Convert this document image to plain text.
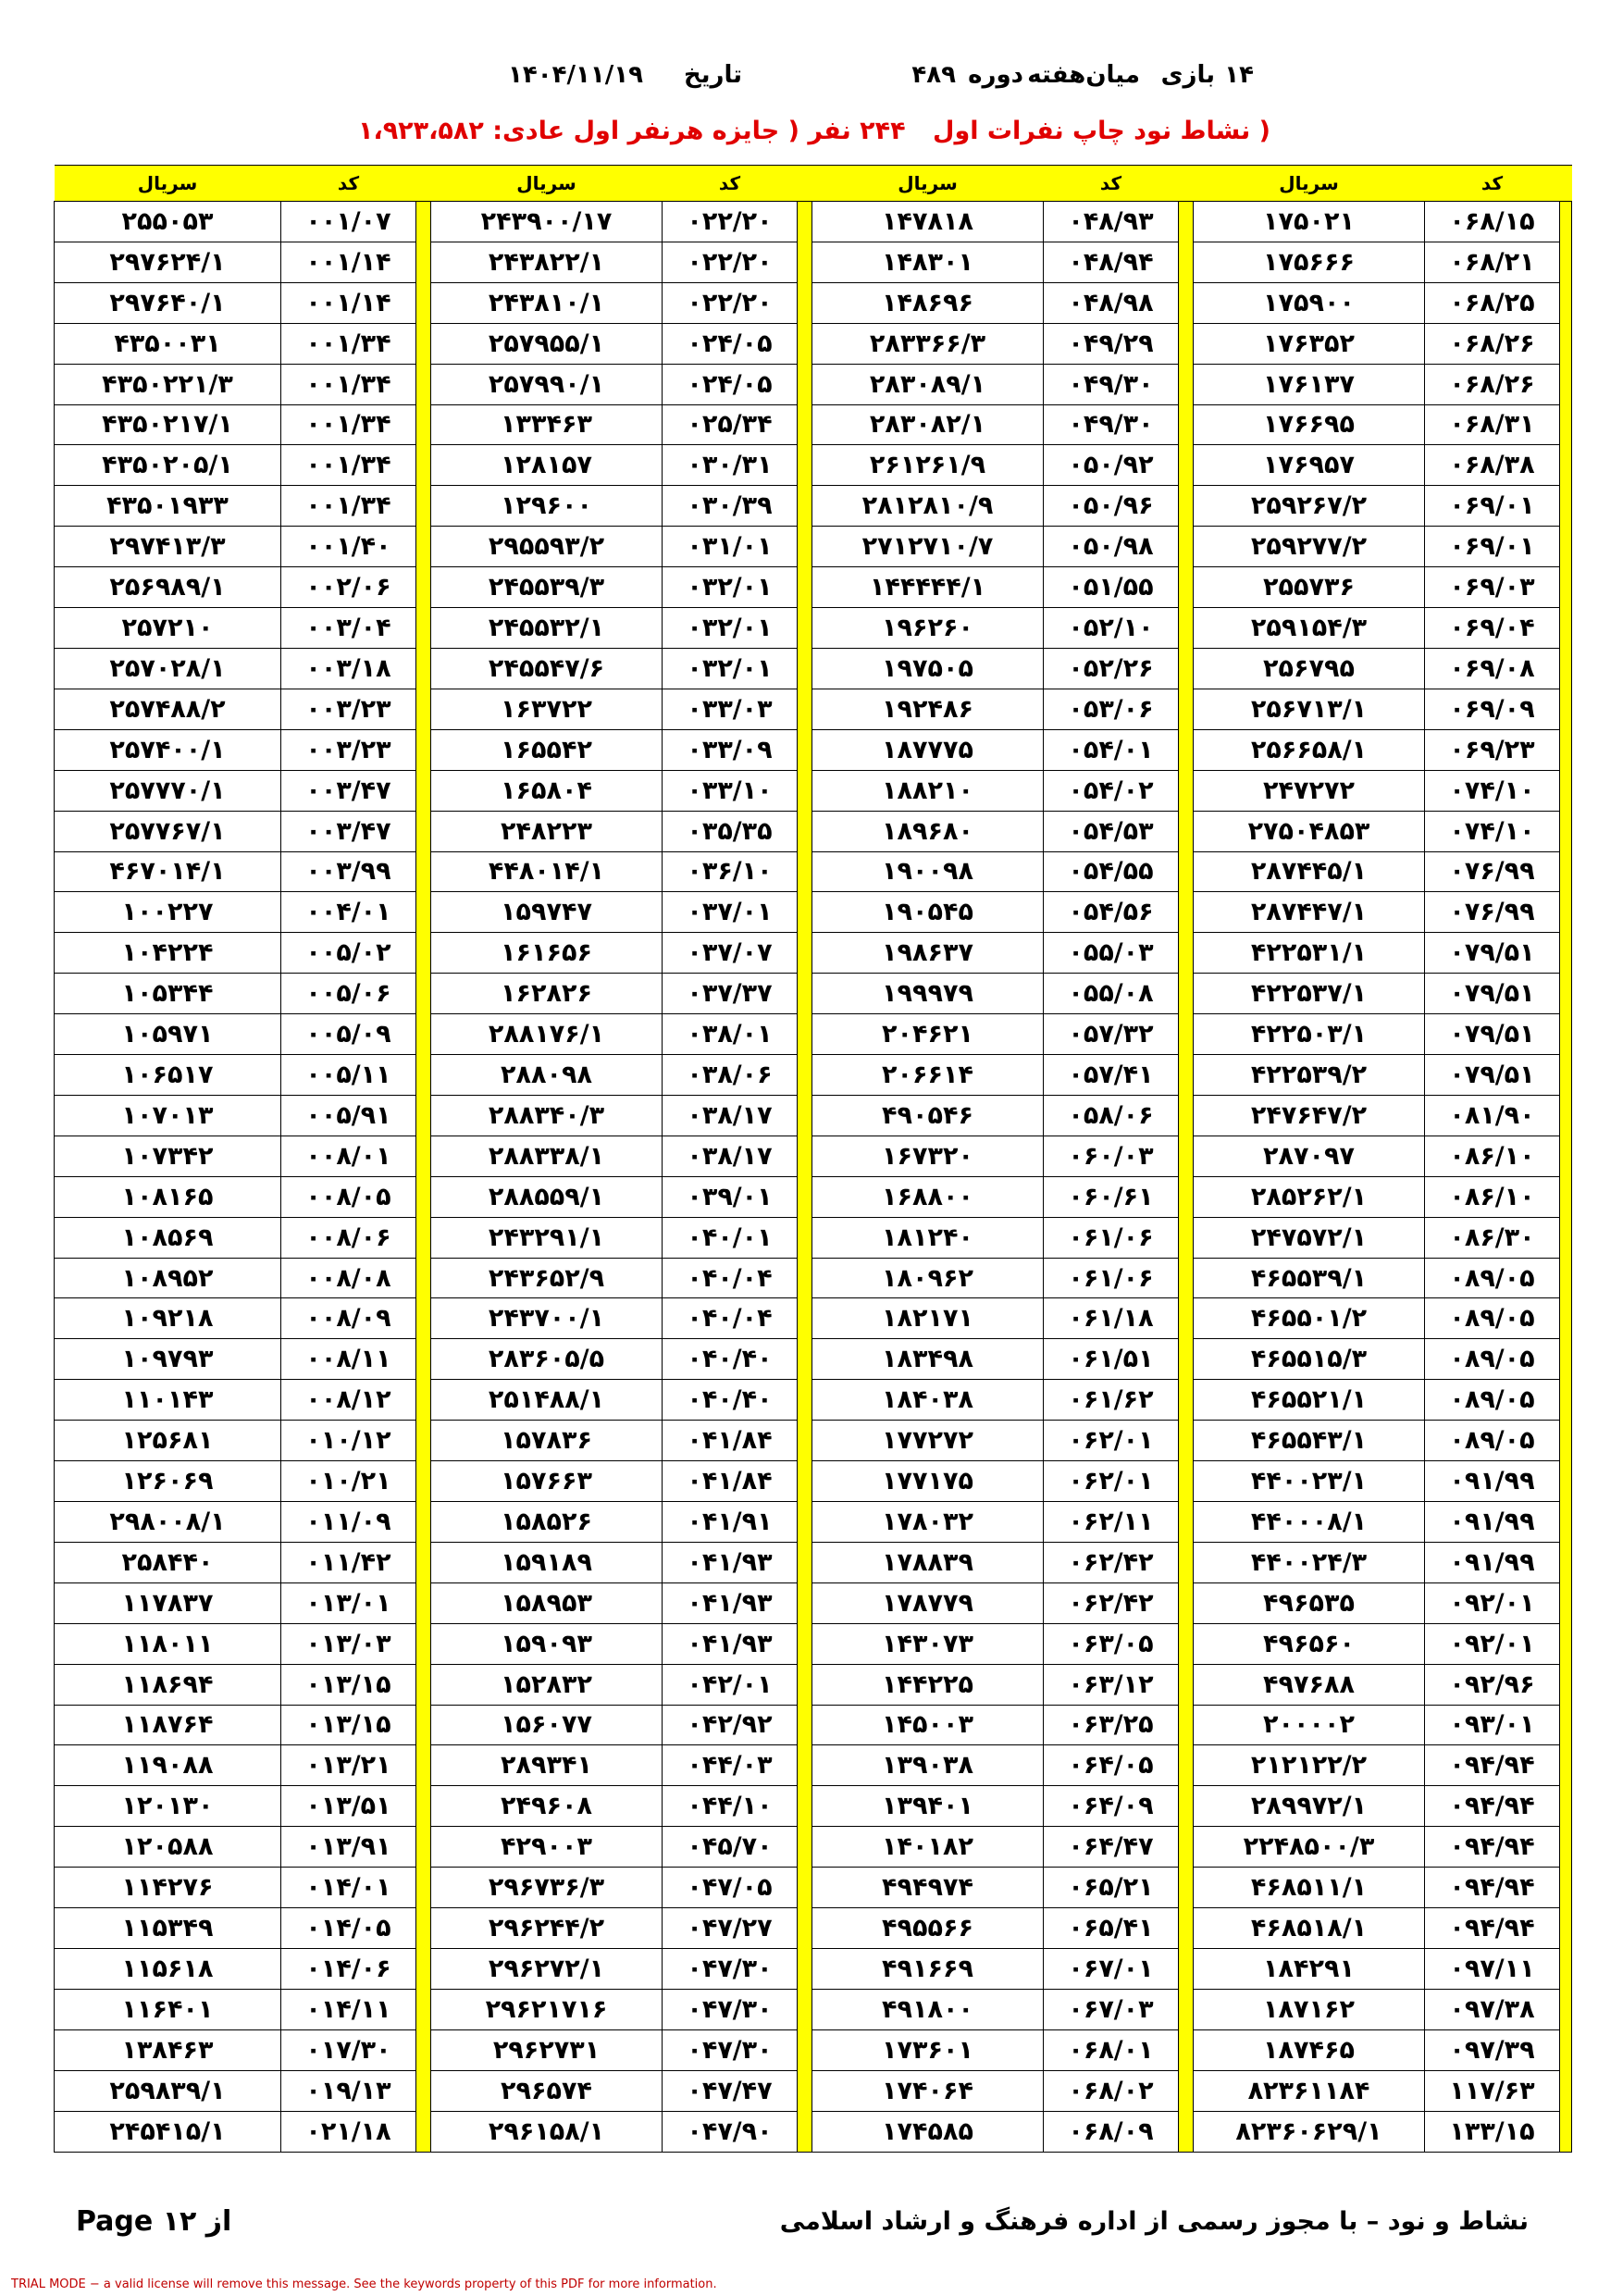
۱۴
بازی
میان‌هفته
دوره
۴۸۹
تاریخ
۱۴۰۴/۱۱/۱۹
( نشاط نود چاپ نفرات اول ۲۴۴ نفر ( جایزه هرنفر اول عادی: ۱،۹۲۳،۵۸۲
	کد	سریال		کد	سریال		کد	سریال		کد	سریال
	۰۶۸/۱۵	۱۷۵۰۲۱		۰۴۸/۹۳	۱۴۷۸۱۸		۰۲۲/۲۰	۲۴۳۹۰۰/۱۷		۰۰۱/۰۷	۲۵۵۰۵۳
	۰۶۸/۲۱	۱۷۵۶۶۶		۰۴۸/۹۴	۱۴۸۳۰۱		۰۲۲/۲۰	۲۴۳۸۲۲/۱		۰۰۱/۱۴	۲۹۷۶۲۴/۱
	۰۶۸/۲۵	۱۷۵۹۰۰		۰۴۸/۹۸	۱۴۸۶۹۶		۰۲۲/۲۰	۲۴۳۸۱۰/۱		۰۰۱/۱۴	۲۹۷۶۴۰/۱
	۰۶۸/۲۶	۱۷۶۳۵۲		۰۴۹/۲۹	۲۸۳۳۶۶/۳		۰۲۴/۰۵	۲۵۷۹۵۵/۱		۰۰۱/۳۴	۴۳۵۰۰۳۱
	۰۶۸/۲۶	۱۷۶۱۳۷		۰۴۹/۳۰	۲۸۳۰۸۹/۱		۰۲۴/۰۵	۲۵۷۹۹۰/۱		۰۰۱/۳۴	۴۳۵۰۲۲۱/۳
	۰۶۸/۳۱	۱۷۶۶۹۵		۰۴۹/۳۰	۲۸۳۰۸۲/۱		۰۲۵/۳۴	۱۳۳۴۶۳		۰۰۱/۳۴	۴۳۵۰۲۱۷/۱
	۰۶۸/۳۸	۱۷۶۹۵۷		۰۵۰/۹۲	۲۶۱۲۶۱/۹		۰۳۰/۳۱	۱۲۸۱۵۷		۰۰۱/۳۴	۴۳۵۰۲۰۵/۱
	۰۶۹/۰۱	۲۵۹۲۶۷/۲		۰۵۰/۹۶	۲۸۱۲۸۱۰/۹		۰۳۰/۳۹	۱۲۹۶۰۰		۰۰۱/۳۴	۴۳۵۰۱۹۳۳
	۰۶۹/۰۱	۲۵۹۲۷۷/۲		۰۵۰/۹۸	۲۷۱۲۷۱۰/۷		۰۳۱/۰۱	۲۹۵۵۹۳/۲		۰۰۱/۴۰	۲۹۷۴۱۳/۳
	۰۶۹/۰۳	۲۵۵۷۳۶		۰۵۱/۵۵	۱۴۴۴۴۴/۱		۰۳۲/۰۱	۲۴۵۵۳۹/۳		۰۰۲/۰۶	۲۵۶۹۸۹/۱
	۰۶۹/۰۴	۲۵۹۱۵۴/۳		۰۵۲/۱۰	۱۹۶۲۶۰		۰۳۲/۰۱	۲۴۵۵۳۲/۱		۰۰۳/۰۴	۲۵۷۲۱۰
	۰۶۹/۰۸	۲۵۶۷۹۵		۰۵۲/۲۶	۱۹۷۵۰۵		۰۳۲/۰۱	۲۴۵۵۴۷/۶		۰۰۳/۱۸	۲۵۷۰۲۸/۱
	۰۶۹/۰۹	۲۵۶۷۱۳/۱		۰۵۳/۰۶	۱۹۲۴۸۶		۰۳۳/۰۳	۱۶۳۷۲۲		۰۰۳/۲۳	۲۵۷۴۸۸/۲
	۰۶۹/۲۳	۲۵۶۶۵۸/۱		۰۵۴/۰۱	۱۸۷۷۷۵		۰۳۳/۰۹	۱۶۵۵۴۲		۰۰۳/۲۳	۲۵۷۴۰۰/۱
	۰۷۴/۱۰	۲۴۷۲۷۲		۰۵۴/۰۲	۱۸۸۲۱۰		۰۳۳/۱۰	۱۶۵۸۰۴		۰۰۳/۴۷	۲۵۷۷۷۰/۱
	۰۷۴/۱۰	۲۷۵۰۴۸۵۳		۰۵۴/۵۳	۱۸۹۶۸۰		۰۳۵/۳۵	۲۴۸۲۲۳		۰۰۳/۴۷	۲۵۷۷۶۷/۱
	۰۷۶/۹۹	۲۸۷۴۴۵/۱		۰۵۴/۵۵	۱۹۰۰۹۸		۰۳۶/۱۰	۴۴۸۰۱۴/۱		۰۰۳/۹۹	۴۶۷۰۱۴/۱
	۰۷۶/۹۹	۲۸۷۴۴۷/۱		۰۵۴/۵۶	۱۹۰۵۴۵		۰۳۷/۰۱	۱۵۹۷۴۷		۰۰۴/۰۱	۱۰۰۲۲۷
	۰۷۹/۵۱	۴۲۲۵۳۱/۱		۰۵۵/۰۳	۱۹۸۶۳۷		۰۳۷/۰۷	۱۶۱۶۵۶		۰۰۵/۰۲	۱۰۴۲۲۴
	۰۷۹/۵۱	۴۲۲۵۳۷/۱		۰۵۵/۰۸	۱۹۹۹۷۹		۰۳۷/۳۷	۱۶۲۸۲۶		۰۰۵/۰۶	۱۰۵۳۴۴
	۰۷۹/۵۱	۴۲۲۵۰۳/۱		۰۵۷/۳۲	۲۰۴۶۲۱		۰۳۸/۰۱	۲۸۸۱۷۶/۱		۰۰۵/۰۹	۱۰۵۹۷۱
	۰۷۹/۵۱	۴۲۲۵۳۹/۲		۰۵۷/۴۱	۲۰۶۶۱۴		۰۳۸/۰۶	۲۸۸۰۹۸		۰۰۵/۱۱	۱۰۶۵۱۷
	۰۸۱/۹۰	۲۴۷۶۴۷/۲		۰۵۸/۰۶	۴۹۰۵۴۶		۰۳۸/۱۷	۲۸۸۳۴۰/۳		۰۰۵/۹۱	۱۰۷۰۱۳
	۰۸۶/۱۰	۲۸۷۰۹۷		۰۶۰/۰۳	۱۶۷۳۲۰		۰۳۸/۱۷	۲۸۸۳۳۸/۱		۰۰۸/۰۱	۱۰۷۳۴۲
	۰۸۶/۱۰	۲۸۵۲۶۲/۱		۰۶۰/۶۱	۱۶۸۸۰۰		۰۳۹/۰۱	۲۸۸۵۵۹/۱		۰۰۸/۰۵	۱۰۸۱۶۵
	۰۸۶/۳۰	۲۴۷۵۷۲/۱		۰۶۱/۰۶	۱۸۱۲۴۰		۰۴۰/۰۱	۲۴۳۲۹۱/۱		۰۰۸/۰۶	۱۰۸۵۶۹
	۰۸۹/۰۵	۴۶۵۵۳۹/۱		۰۶۱/۰۶	۱۸۰۹۶۲		۰۴۰/۰۴	۲۴۳۶۵۲/۹		۰۰۸/۰۸	۱۰۸۹۵۲
	۰۸۹/۰۵	۴۶۵۵۰۱/۲		۰۶۱/۱۸	۱۸۲۱۷۱		۰۴۰/۰۴	۲۴۳۷۰۰/۱		۰۰۸/۰۹	۱۰۹۲۱۸
	۰۸۹/۰۵	۴۶۵۵۱۵/۳		۰۶۱/۵۱	۱۸۳۴۹۸		۰۴۰/۴۰	۲۸۳۶۰۵/۵		۰۰۸/۱۱	۱۰۹۷۹۳
	۰۸۹/۰۵	۴۶۵۵۲۱/۱		۰۶۱/۶۲	۱۸۴۰۳۸		۰۴۰/۴۰	۲۵۱۴۸۸/۱		۰۰۸/۱۲	۱۱۰۱۴۳
	۰۸۹/۰۵	۴۶۵۵۴۳/۱		۰۶۲/۰۱	۱۷۷۲۷۲		۰۴۱/۸۴	۱۵۷۸۳۶		۰۱۰/۱۲	۱۲۵۶۸۱
	۰۹۱/۹۹	۴۴۰۰۲۳/۱		۰۶۲/۰۱	۱۷۷۱۷۵		۰۴۱/۸۴	۱۵۷۶۶۳		۰۱۰/۲۱	۱۲۶۰۶۹
	۰۹۱/۹۹	۴۴۰۰۰۸/۱		۰۶۲/۱۱	۱۷۸۰۳۲		۰۴۱/۹۱	۱۵۸۵۲۶		۰۱۱/۰۹	۲۹۸۰۰۸/۱
	۰۹۱/۹۹	۴۴۰۰۲۴/۳		۰۶۲/۴۲	۱۷۸۸۳۹		۰۴۱/۹۳	۱۵۹۱۸۹		۰۱۱/۴۲	۲۵۸۴۴۰
	۰۹۲/۰۱	۴۹۶۵۳۵		۰۶۲/۴۲	۱۷۸۷۷۹		۰۴۱/۹۳	۱۵۸۹۵۳		۰۱۳/۰۱	۱۱۷۸۳۷
	۰۹۲/۰۱	۴۹۶۵۶۰		۰۶۳/۰۵	۱۴۳۰۷۳		۰۴۱/۹۳	۱۵۹۰۹۳		۰۱۳/۰۳	۱۱۸۰۱۱
	۰۹۲/۹۶	۴۹۷۶۸۸		۰۶۳/۱۲	۱۴۴۲۲۵		۰۴۲/۰۱	۱۵۲۸۳۲		۰۱۳/۱۵	۱۱۸۶۹۴
	۰۹۳/۰۱	۲۰۰۰۰۲		۰۶۳/۲۵	۱۴۵۰۰۳		۰۴۲/۹۲	۱۵۶۰۷۷		۰۱۳/۱۵	۱۱۸۷۶۴
	۰۹۴/۹۴	۲۱۲۱۲۲/۲		۰۶۴/۰۵	۱۳۹۰۳۸		۰۴۴/۰۳	۲۸۹۳۴۱		۰۱۳/۲۱	۱۱۹۰۸۸
	۰۹۴/۹۴	۲۸۹۹۷۲/۱		۰۶۴/۰۹	۱۳۹۴۰۱		۰۴۴/۱۰	۲۴۹۶۰۸		۰۱۳/۵۱	۱۲۰۱۳۰
	۰۹۴/۹۴	۲۲۴۸۵۰۰/۳		۰۶۴/۴۷	۱۴۰۱۸۲		۰۴۵/۷۰	۴۲۹۰۰۳		۰۱۳/۹۱	۱۲۰۵۸۸
	۰۹۴/۹۴	۴۶۸۵۱۱/۱		۰۶۵/۲۱	۴۹۴۹۷۴		۰۴۷/۰۵	۲۹۶۷۳۶/۳		۰۱۴/۰۱	۱۱۴۲۷۶
	۰۹۴/۹۴	۴۶۸۵۱۸/۱		۰۶۵/۴۱	۴۹۵۵۶۶		۰۴۷/۲۷	۲۹۶۲۴۴/۲		۰۱۴/۰۵	۱۱۵۳۴۹
	۰۹۷/۱۱	۱۸۴۲۹۱		۰۶۷/۰۱	۴۹۱۶۶۹		۰۴۷/۳۰	۲۹۶۲۷۲/۱		۰۱۴/۰۶	۱۱۵۶۱۸
	۰۹۷/۳۸	۱۸۷۱۶۲		۰۶۷/۰۳	۴۹۱۸۰۰		۰۴۷/۳۰	۲۹۶۲۱۷۱۶		۰۱۴/۱۱	۱۱۶۴۰۱
	۰۹۷/۳۹	۱۸۷۴۶۵		۰۶۸/۰۱	۱۷۳۶۰۱		۰۴۷/۳۰	۲۹۶۲۷۳۱		۰۱۷/۳۰	۱۳۸۴۶۳
	۱۱۷/۶۳	۸۲۳۶۱۱۸۴		۰۶۸/۰۲	۱۷۴۰۶۴		۰۴۷/۴۷	۲۹۶۵۷۴		۰۱۹/۱۳	۲۵۹۸۳۹/۱
	۱۳۳/۱۵	۸۲۳۶۰۶۲۹/۱		۰۶۸/۰۹	۱۷۴۵۸۵		۰۴۷/۹۰	۲۹۶۱۵۸/۱		۰۲۱/۱۸	۲۴۵۴۱۵/۱
از ۱۲ Page	نشاط و نود – با مجوز رسمی از اداره فرهنگ و ارشاد اسلامی
TRIAL MODE − a valid license will remove this message. See the keywords property of this PDF for more information.
